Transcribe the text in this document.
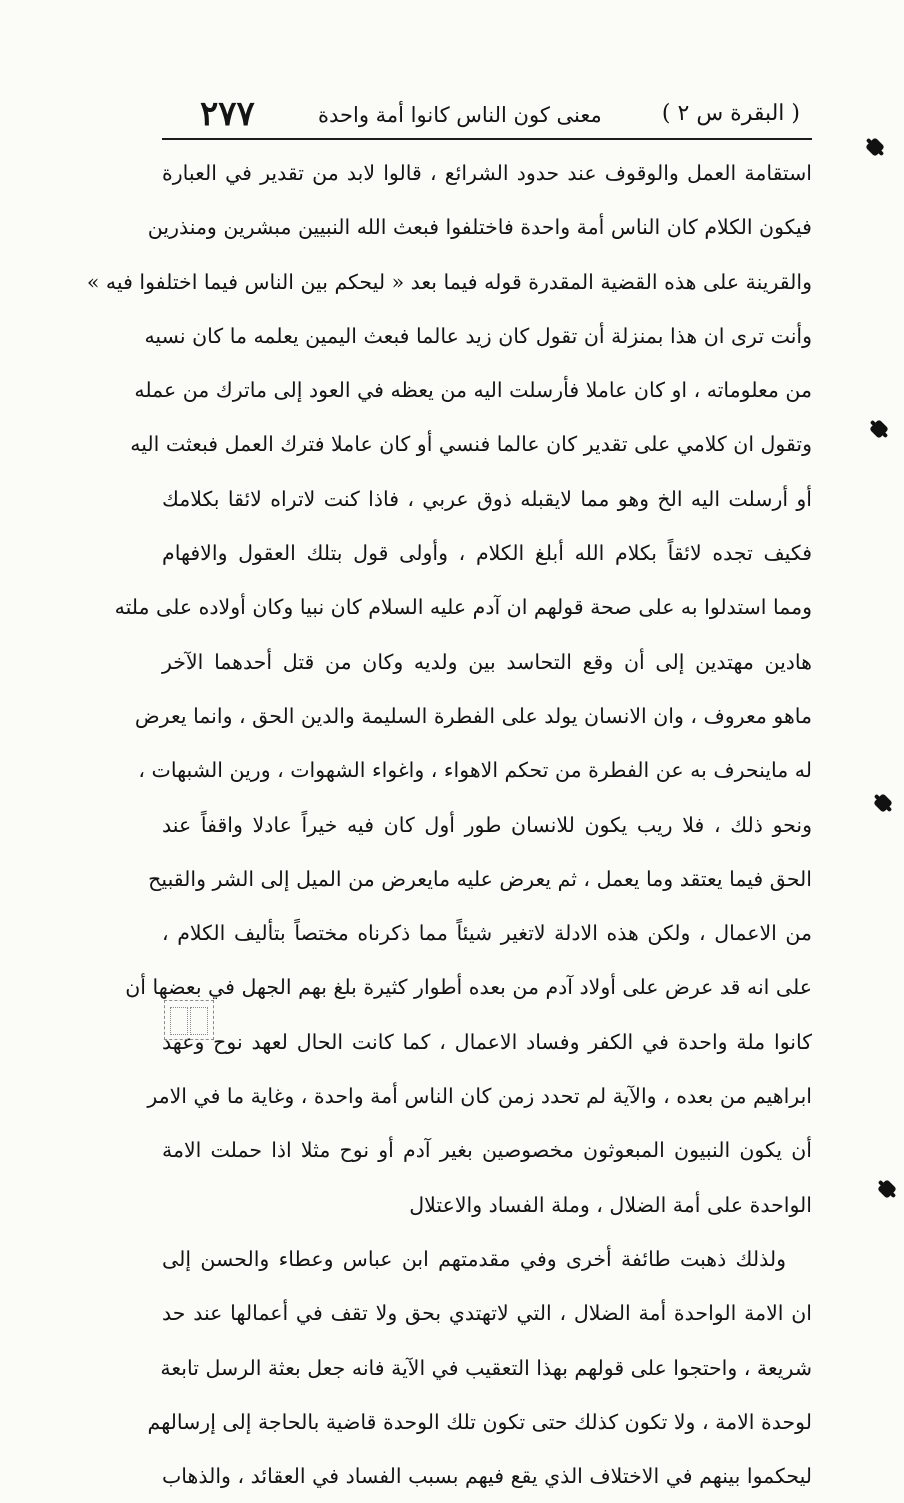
٢٧٧	معنى كون الناس كانوا أمة واحدة	( البقرة س ٢ )
استقامة العمل والوقوف عند حدود الشرائع ، قالوا لابد من تقدير في العبارة
فيكون الكلام كان الناس أمة واحدة فاختلفوا فبعث الله النبيين مبشرين ومنذرين
والقرينة على هذه القضية المقدرة قوله فيما بعد « ليحكم بين الناس فيما اختلفوا فيه »
وأنت ترى ان هذا بمنزلة أن تقول كان زيد عالما فبعث اليمين يعلمه ما كان نسيه
من معلوماته ، او كان عاملا فأرسلت اليه من يعظه في العود إلى ماترك من عمله
وتقول ان كلامي على تقدير كان عالما فنسي أو كان عاملا فترك العمل فبعثت اليه
أو أرسلت اليه الخ وهو مما لايقبله ذوق عربي ، فاذا كنت لاتراه لائقا بكلامك
فكيف تجده لائقاً بكلام الله أبلغ الكلام ، وأولى قول بتلك العقول والافهام
ومما استدلوا به على صحة قولهم ان آدم عليه السلام كان نبيا وكان أولاده على ملته
هادين مهتدين إلى أن وقع التحاسد بين ولديه وكان من قتل أحدهما الآخر
ماهو معروف ، وان الانسان يولد على الفطرة السليمة والدين الحق ، وانما يعرض
له ماينحرف به عن الفطرة من تحكم الاهواء ، واغواء الشهوات ، ورين الشبهات ،
ونحو ذلك ، فلا ريب يكون للانسان طور أول كان فيه خيراً عادلا واقفاً عند
الحق فيما يعتقد وما يعمل ، ثم يعرض عليه مايعرض من الميل إلى الشر والقبيح
من الاعمال ، ولكن هذه الادلة لاتغير شيئاً مما ذكرناه مختصاً بتأليف الكلام ،
على انه قد عرض على أولاد آدم من بعده أطوار كثيرة بلغ بهم الجهل في بعضها أن
كانوا ملة واحدة في الكفر وفساد الاعمال ، كما كانت الحال لعهد نوح وعهد
ابراهيم من بعده ، والآية لم تحدد زمن كان الناس أمة واحدة ، وغاية ما في الامر
أن يكون النبيون المبعوثون مخصوصين بغير آدم أو نوح مثلا اذا حملت الامة
الواحدة على أمة الضلال ، وملة الفساد والاعتلال
ولذلك ذهبت طائفة أخرى وفي مقدمتهم ابن عباس وعطاء والحسن إلى
ان الامة الواحدة أمة الضلال ، التي لاتهتدي بحق ولا تقف في أعمالها عند حد
شريعة ، واحتجوا على قولهم بهذا التعقيب في الآية فانه جعل بعثة الرسل تابعة
لوحدة الامة ، ولا تكون كذلك حتى تكون تلك الوحدة قاضية بالحاجة إلى إرسالهم
ليحكموا بينهم في الاختلاف الذي يقع فيهم بسبب الفساد في العقائد ، والذهاب
